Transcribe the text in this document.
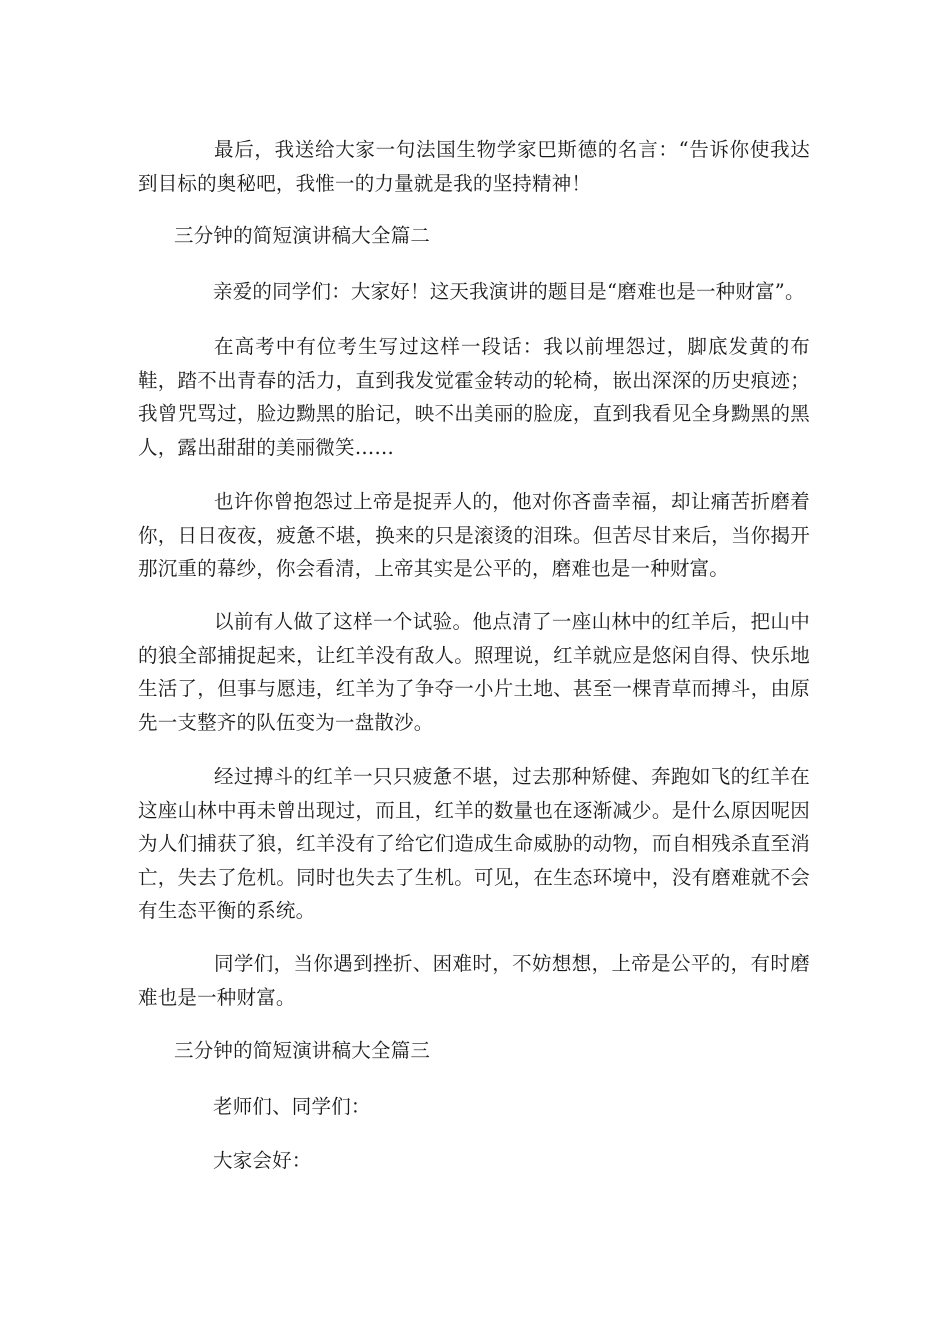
最后，我送给大家一句法国生物学家巴斯德的名言：“告诉你使我达到目标的奥秘吧，我惟一的力量就是我的坚持精神！

三分钟的简短演讲稿大全篇二

亲爱的同学们：大家好！这天我演讲的题目是“磨难也是一种财富”。

在高考中有位考生写过这样一段话：我以前埋怨过，脚底发黄的布鞋，踏不出青春的活力，直到我发觉霍金转动的轮椅，嵌出深深的历史痕迹；我曾咒骂过，脸边黝黑的胎记，映不出美丽的脸庞，直到我看见全身黝黑的黑人，露出甜甜的美丽微笑……

也许你曾抱怨过上帝是捉弄人的，他对你吝啬幸福，却让痛苦折磨着你，日日夜夜，疲惫不堪，换来的只是滚烫的泪珠。但苦尽甘来后，当你揭开那沉重的幕纱，你会看清，上帝其实是公平的，磨难也是一种财富。

以前有人做了这样一个试验。他点清了一座山林中的红羊后，把山中的狼全部捕捉起来，让红羊没有敌人。照理说，红羊就应是悠闲自得、快乐地生活了，但事与愿违，红羊为了争夺一小片土地、甚至一棵青草而搏斗，由原先一支整齐的队伍变为一盘散沙。

经过搏斗的红羊一只只疲惫不堪，过去那种矫健、奔跑如飞的红羊在这座山林中再未曾出现过，而且，红羊的数量也在逐渐减少。是什么原因呢因为人们捕获了狼，红羊没有了给它们造成生命威胁的动物，而自相残杀直至消亡，失去了危机。同时也失去了生机。可见，在生态环境中，没有磨难就不会有生态平衡的系统。

同学们，当你遇到挫折、困难时，不妨想想，上帝是公平的，有时磨难也是一种财富。

三分钟的简短演讲稿大全篇三

老师们、同学们：

大家会好：
